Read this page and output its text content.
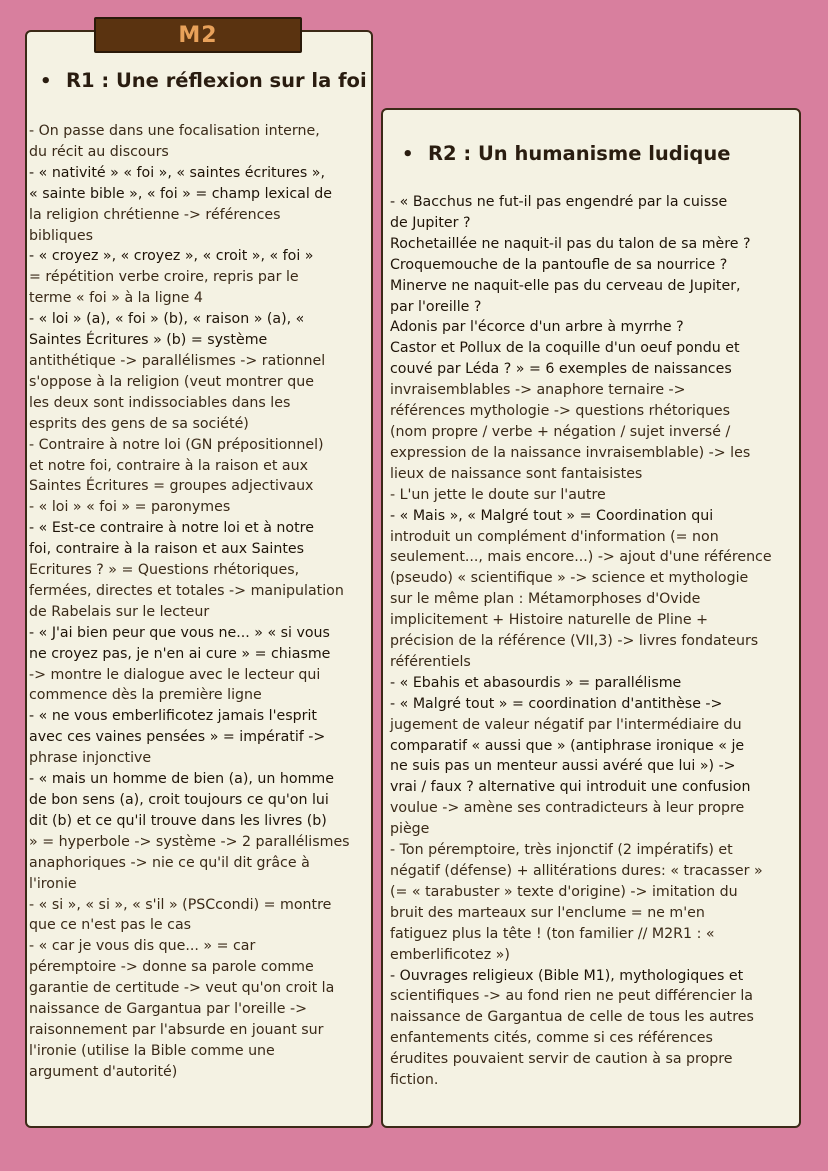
M2
• R1 : Une réflexion sur la foi
• R2 : Un humanisme ludique
- On passe dans une focalisation interne,
du récit au discours
- « nativité » « foi », « saintes écritures »,
« sainte bible », « foi » = champ lexical de
la religion chrétienne -> références
bibliques
- « croyez », « croyez », « croit », « foi »
= répétition verbe croire, repris par le
terme « foi » à la ligne 4
- « loi » (a), « foi » (b), « raison » (a), «
Saintes Écritures » (b) = système
antithétique -> parallélismes -> rationnel
s'oppose à la religion (veut montrer que
les deux sont indissociables dans les
esprits des gens de sa société)
- Contraire à notre loi (GN prépositionnel)
et notre foi, contraire à la raison et aux
Saintes Écritures = groupes adjectivaux
- « loi » « foi » = paronymes
- « Est-ce contraire à notre loi et à notre
foi, contraire à la raison et aux Saintes
Ecritures ? » = Questions rhétoriques,
fermées, directes et totales -> manipulation
de Rabelais sur le lecteur
- « J'ai bien peur que vous ne... » « si vous
ne croyez pas, je n'en ai cure » = chiasme
-> montre le dialogue avec le lecteur qui
commence dès la première ligne
- « ne vous emberlificotez jamais l'esprit
avec ces vaines pensées » = impératif ->
phrase injonctive
- « mais un homme de bien (a), un homme
de bon sens (a), croit toujours ce qu'on lui
dit (b) et ce qu'il trouve dans les livres (b)
» = hyperbole -> système -> 2 parallélismes
anaphoriques -> nie ce qu'il dit grâce à
l'ironie
- « si », « si », « s'il » (PSCcondi) = montre
que ce n'est pas le cas
- « car je vous dis que... » = car
péremptoire -> donne sa parole comme
garantie de certitude -> veut qu'on croit la
naissance de Gargantua par l'oreille ->
raisonnement par l'absurde en jouant sur
l'ironie (utilise la Bible comme une
argument d'autorité)
- « Bacchus ne fut-il pas engendré par la cuisse
de Jupiter ?
Rochetaillée ne naquit-il pas du talon de sa mère ?
Croquemouche de la pantoufle de sa nourrice ?
Minerve ne naquit-elle pas du cerveau de Jupiter,
par l'oreille ?
Adonis par l'écorce d'un arbre à myrrhe ?
Castor et Pollux de la coquille d'un oeuf pondu et
couvé par Léda ? » = 6 exemples de naissances
invraisemblables -> anaphore ternaire ->
références mythologie -> questions rhétoriques
(nom propre / verbe + négation / sujet inversé /
expression de la naissance invraisemblable) -> les
lieux de naissance sont fantaisistes
- L'un jette le doute sur l'autre
- « Mais », « Malgré tout » = Coordination qui
introduit un complément d'information (= non
seulement..., mais encore...) -> ajout d'une référence
(pseudo) « scientifique » -> science et mythologie
sur le même plan : Métamorphoses d'Ovide
implicitement + Histoire naturelle de Pline +
précision de la référence (VII,3) -> livres fondateurs
référentiels
- « Ebahis et abasourdis » = parallélisme
- « Malgré tout » = coordination d'antithèse ->
jugement de valeur négatif par l'intermédiaire du
comparatif « aussi que » (antiphrase ironique « je
ne suis pas un menteur aussi avéré que lui ») ->
vrai / faux ? alternative qui introduit une confusion
voulue -> amène ses contradicteurs à leur propre
piège
- Ton péremptoire, très injonctif (2 impératifs) et
négatif (défense) + allitérations dures: « tracasser »
(= « tarabuster » texte d'origine) -> imitation du
bruit des marteaux sur l'enclume = ne m'en
fatiguez plus la tête ! (ton familier // M2R1 : «
emberlificotez »)
- Ouvrages religieux (Bible M1), mythologiques et
scientifiques -> au fond rien ne peut différencier la
naissance de Gargantua de celle de tous les autres
enfantements cités, comme si ces références
érudites pouvaient servir de caution à sa propre
fiction.
